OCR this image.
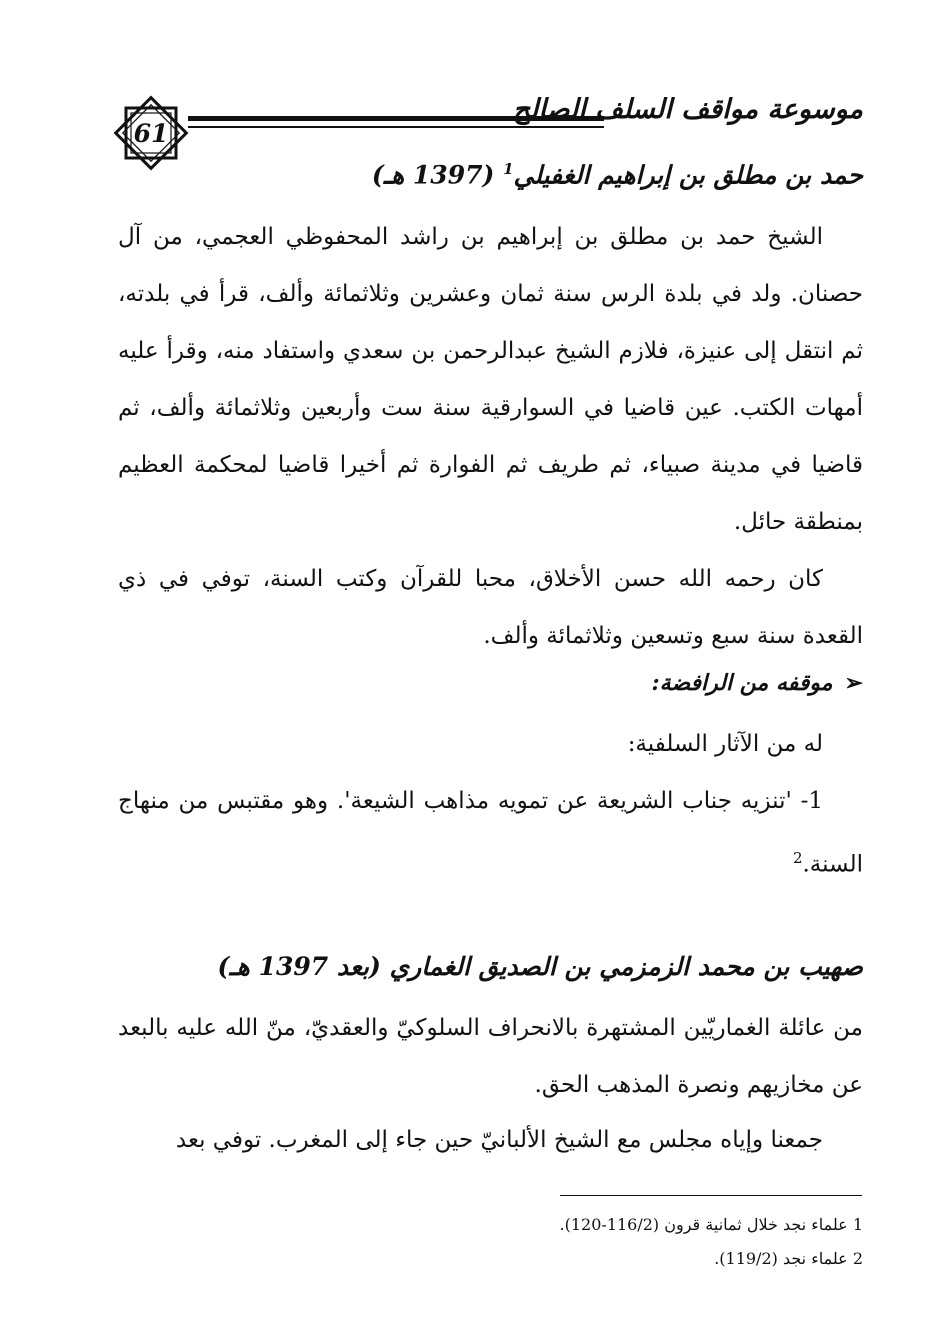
61
موسوعة مواقف السلف الصالح
حمد بن مطلق بن إبراهيم الغفيلي$^1$ (1397 هـ)

الشيخ حمد بن مطلق بن إبراهيم بن راشد المحفوظي العجمي، من آل حصنان. ولد في بلدة الرس سنة ثمان وعشرين وثلاثمائة وألف، قرأ في بلدته، ثم انتقل إلى عنيزة، فلازم الشيخ عبدالرحمن بن سعدي واستفاد منه، وقرأ عليه أمهات الكتب. عين قاضيا في السوارقية سنة ست وأربعين وثلاثمائة وألف، ثم قاضيا في مدينة صبياء، ثم طريف ثم الفوارة ثم أخيرا قاضيا لمحكمة العظيم بمنطقة حائل.

كان رحمه الله حسن الأخلاق، محبا للقرآن وكتب السنة، توفي في ذي القعدة سنة سبع وتسعين وثلاثمائة وألف.

➢موقفه من الرافضة:

له من الآثار السلفية:

1- 'تنزيه جناب الشريعة عن تمويه مذاهب الشيعة'. وهو مقتبس من منهاج السنة.$^2$

صهيب بن محمد الزمزمي بن الصديق الغماري (بعد 1397 هـ)

من عائلة الغماريّين المشتهرة بالانحراف السلوكيّ والعقديّ، منّ الله عليه بالبعد عن مخازيهم ونصرة المذهب الحق.

جمعنا وإياه مجلس مع الشيخ الألبانيّ حين جاء إلى المغرب. توفي بعد

1 علماء نجد خلال ثمانية قرون (116/2-120).
2 علماء نجد (119/2).
